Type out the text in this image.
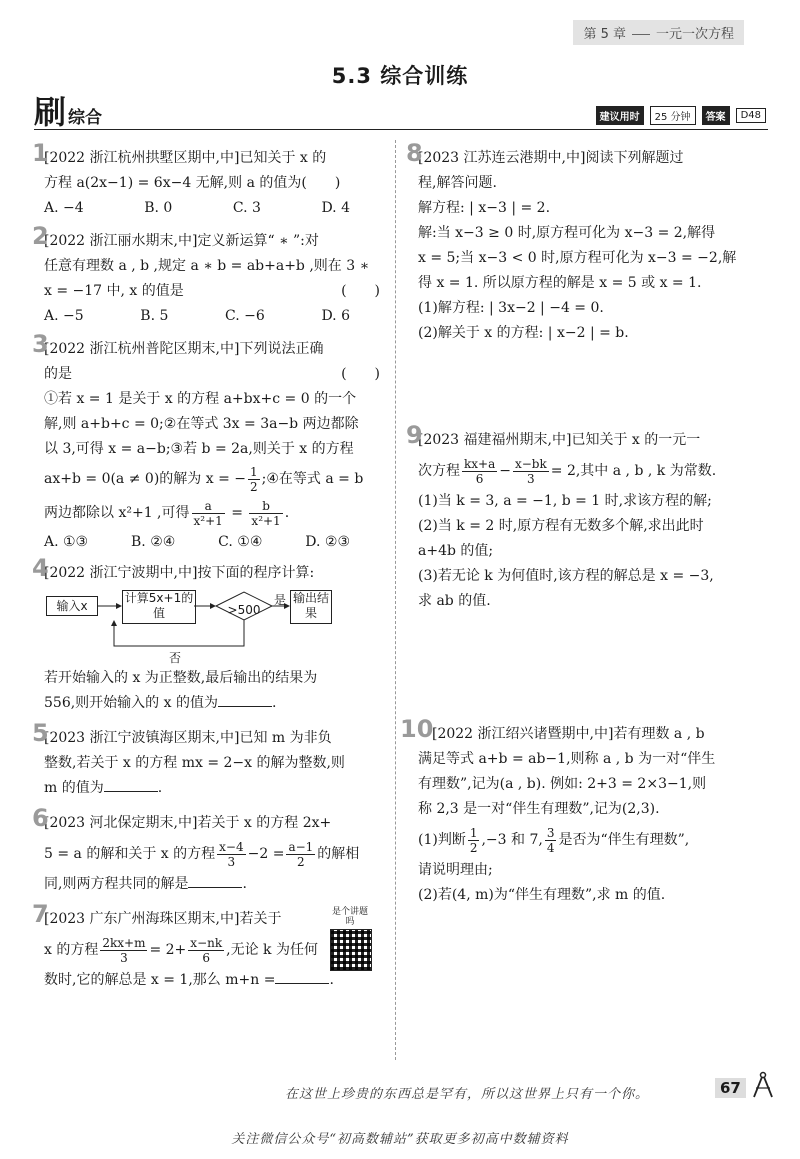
第 5 章 一元一次方程
5.3 综合训练
刷 综合	建议用时	25 分钟	答案	D48
1

[2022 浙江杭州拱墅区期中,中]已知关于 x 的

方程 a(2x−1) = 6x−4 无解,则 a 的值为(　　)

A. −4	B. 0	C. 3	D. 4
2

[2022 浙江丽水期末,中]定义新运算“ ∗ ”:对

任意有理数 a , b ,规定 a ∗ b = ab+a+b ,则在 3 ∗

x = −17 中, x 的值是	(　　)

A. −5	B. 5	C. −6	D. 6
3

[2022 浙江杭州普陀区期末,中]下列说法正确

的是	(　　)

①若 x = 1 是关于 x 的方程 a+bx+c = 0 的一个

解,则 a+b+c = 0;②在等式 3x = 3a−b 两边都除

以 3,可得 x = a−b;③若 b = 2a,则关于 x 的方程

ax+b = 0(a ≠ 0)的解为 x = − $\frac{1}{2}$ ;④在等式 a = b

两边都除以 x²+1 ,可得 $\frac{a}{\text{x²+1}} = \frac{b}{\text{x²+1}}$ .

A. ①③	B. ②④	C. ①④	D. ②③
4

[2022 浙江宁波期中,中]按下面的程序计算:

输入x
计算5x+1的值	>500
是 输出结果
否

若开始输入的 x 为正整数,最后输出的结果为

556,则开始输入的 x 的值为	.

5

[2023 浙江宁波镇海区期末,中]已知 m 为非负

整数,若关于 x 的方程 mx = 2−x 的解为整数,则

m 的值为	.

6

[2023 河北保定期末,中]若关于 x 的方程 2x+

5 = a 的解和关于 x 的方程 $\frac{x-4}{3} -2 = \frac{a-1}{2}$ 的解相

同,则两方程共同的解是	.

7	是个讲题吗

[2023 广东广州海珠区期末,中]若关于

x 的方程 $\frac{2kx+m}{3} = 2+ \frac{x-nk}{6}$ ,无论 k 为任何

数时,它的解总是 x = 1,那么 m+n =	.

8

[2023 江苏连云港期中,中]阅读下列解题过

程,解答问题.

解方程: | x−3 | = 2.

解:当 x−3 ≥ 0 时,原方程可化为 x−3 = 2,解得

x = 5;当 x−3 < 0 时,原方程可化为 x−3 = −2,解

得 x = 1. 所以原方程的解是 x = 5 或 x = 1.

(1)解方程: | 3x−2 | −4 = 0.

(2)解关于 x 的方程: | x−2 | = b.

9

[2023 福建福州期末,中]已知关于 x 的一元一

次方程 $\frac{kx+a}{6} - \frac{x-bk}{3} = 2$,其中 a , b , k 为常数.

(1)当 k = 3, a = −1, b = 1 时,求该方程的解;

(2)当 k = 2 时,原方程有无数多个解,求出此时

a+4b 的值;

(3)若无论 k 为何值时,该方程的解总是 x = −3,

求 ab 的值.

10

[2022 浙江绍兴诸暨期中,中]若有理数 a , b

满足等式 a+b = ab−1,则称 a , b 为一对“伴生

有理数”,记为(a , b). 例如: 2+3 = 2×3−1,则

称 2,3 是一对“伴生有理数”,记为(2,3).

(1)判断 $\frac{1}{2} ,-3$ 和 7, $\frac{3}{4}$ 是否为“伴生有理数”,

请说明理由;

(2)若(4, m)为“伴生有理数”,求 m 的值.

在这世上珍贵的东西总是罕有，所以这世界上只有一个你。	67
关注微信公众号“初高数辅站”获取更多初高中数辅资料
